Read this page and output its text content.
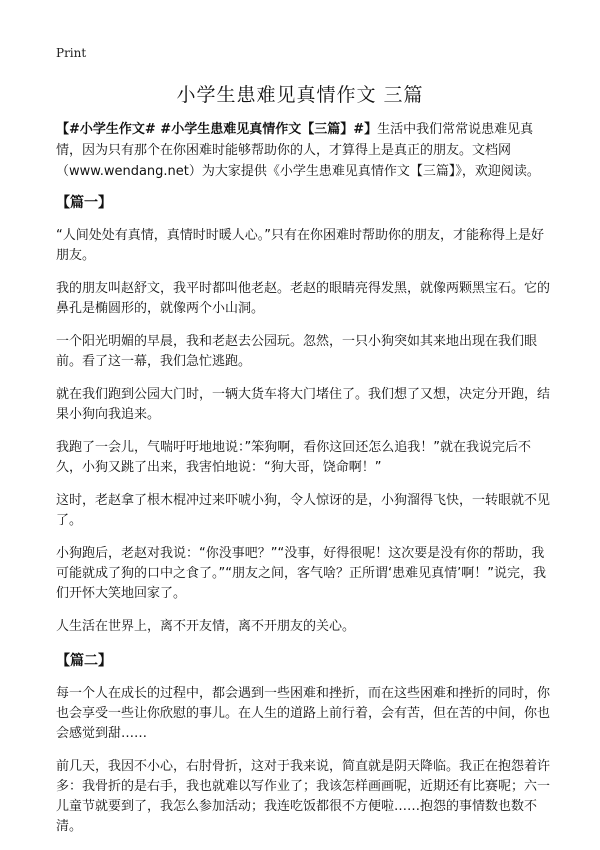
Print
小学生患难见真情作文 三篇

【#小学生作文# #小学生患难见真情作文【三篇】#】生活中我们常常说患难见真情，因为只有那个在你困难时能够帮助你的人，才算得上是真正的朋友。文档网（www.wendang.net）为大家提供《小学生患难见真情作文【三篇】》，欢迎阅读。

【篇一】

“人间处处有真情，真情时时暖人心。”只有在你困难时帮助你的朋友，才能称得上是好朋友。

我的朋友叫赵舒文，我平时都叫他老赵。老赵的眼睛亮得发黑，就像两颗黑宝石。它的鼻孔是椭圆形的，就像两个小山洞。

一个阳光明媚的早晨，我和老赵去公园玩。忽然，一只小狗突如其来地出现在我们眼前。看了这一幕，我们急忙逃跑。

就在我们跑到公园大门时，一辆大货车将大门堵住了。我们想了又想，决定分开跑，结果小狗向我追来。

我跑了一会儿，气喘吁吁地地说：”笨狗啊，看你这回还怎么追我！”就在我说完后不久，小狗又跳了出来，我害怕地说：“狗大哥，饶命啊！”

这时，老赵拿了根木棍冲过来吓唬小狗，令人惊讶的是，小狗溜得飞快，一转眼就不见了。

小狗跑后，老赵对我说：“你没事吧？”“没事，好得很呢！这次要是没有你的帮助，我可能就成了狗的口中之食了。”“朋友之间，客气啥？正所谓‘患难见真情’啊！”说完，我们开怀大笑地回家了。

人生活在世界上，离不开友情，离不开朋友的关心。

【篇二】

每一个人在成长的过程中，都会遇到一些困难和挫折，而在这些困难和挫折的同时，你也会享受一些让你欣慰的事儿。在人生的道路上前行着，会有苦，但在苦的中间，你也会感觉到甜……

前几天，我因不小心，右肘骨折，这对于我来说，简直就是阴天降临。我正在抱怨着许多：我骨折的是右手，我也就难以写作业了；我该怎样画画呢，近期还有比赛呢；六一儿童节就要到了，我怎么参加活动；我连吃饭都很不方便啦……抱怨的事情数也数不清。
